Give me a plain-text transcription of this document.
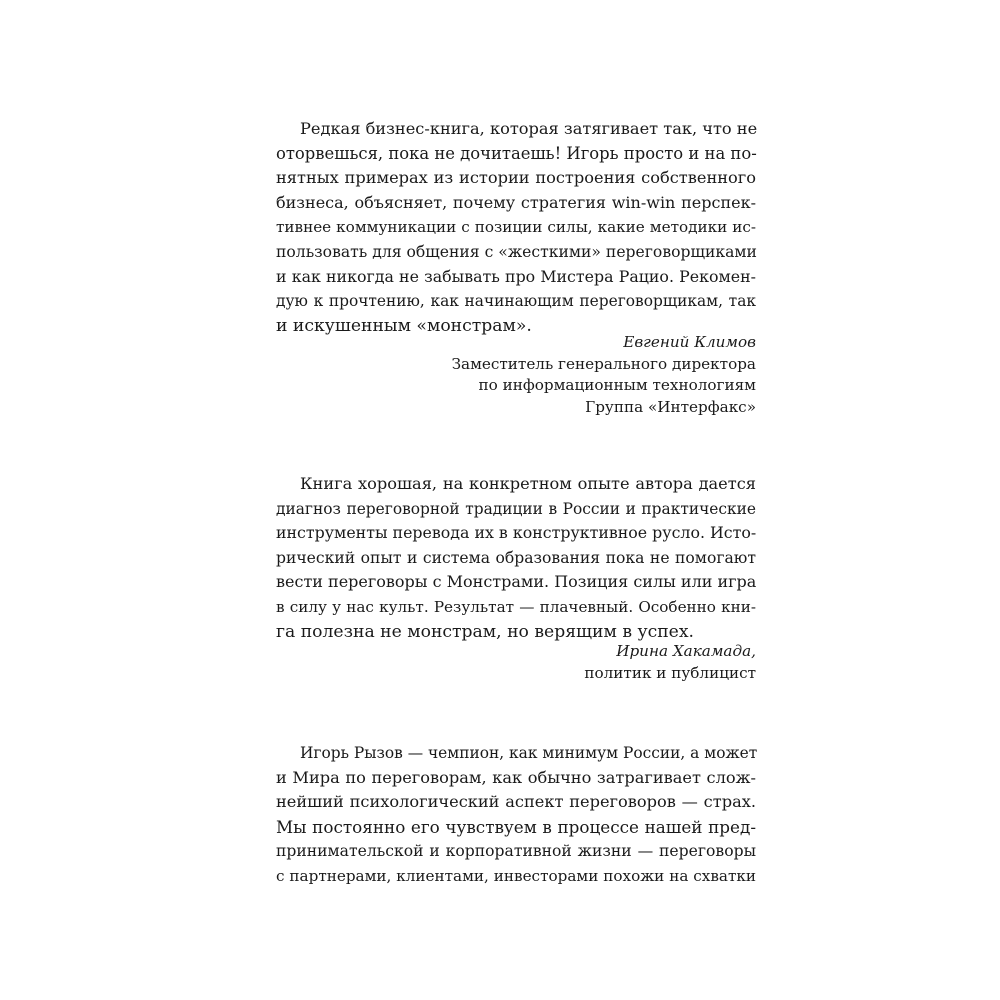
Редкая бизнес-книга, которая затягивает так, что не
оторвешься, пока не дочитаешь! Игорь просто и на по-
нятных примерах из истории построения собственного
бизнеса, объясняет, почему стратегия win-win перспек-
тивнее коммуникации с позиции силы, какие методики ис-
пользовать для общения с «жесткими» переговорщиками
и как никогда не забывать про Мистера Рацио. Рекомен-
дую к прочтению, как начинающим переговорщикам, так
и искушенным «монстрам».
Евгений Климов
Заместитель генерального директора
по информационным технологиям
Группа «Интерфакс»
Книга хорошая, на конкретном опыте автора дается
диагноз переговорной традиции в России и практические
инструменты перевода их в конструктивное русло. Истo-
рический опыт и система образования пока не помогают
вести переговоры с Монстрами. Позиция силы или игра
в силу у нас культ. Результат — плачевный. Особенно кни-
га полезна не монстрам, но верящим в успех.
Ирина Хакамада,
политик и публицист
Игорь Рызов — чемпион, как минимум России, а может
и Мира по переговорам, как обычно затрагивает слож-
нейший психологический аспект переговоров — страх.
Мы постоянно его чувствуем в процессе нашей пред-
принимательской и корпоративной жизни — переговоры
с партнерами, клиентами, инвесторами похожи на схватки
